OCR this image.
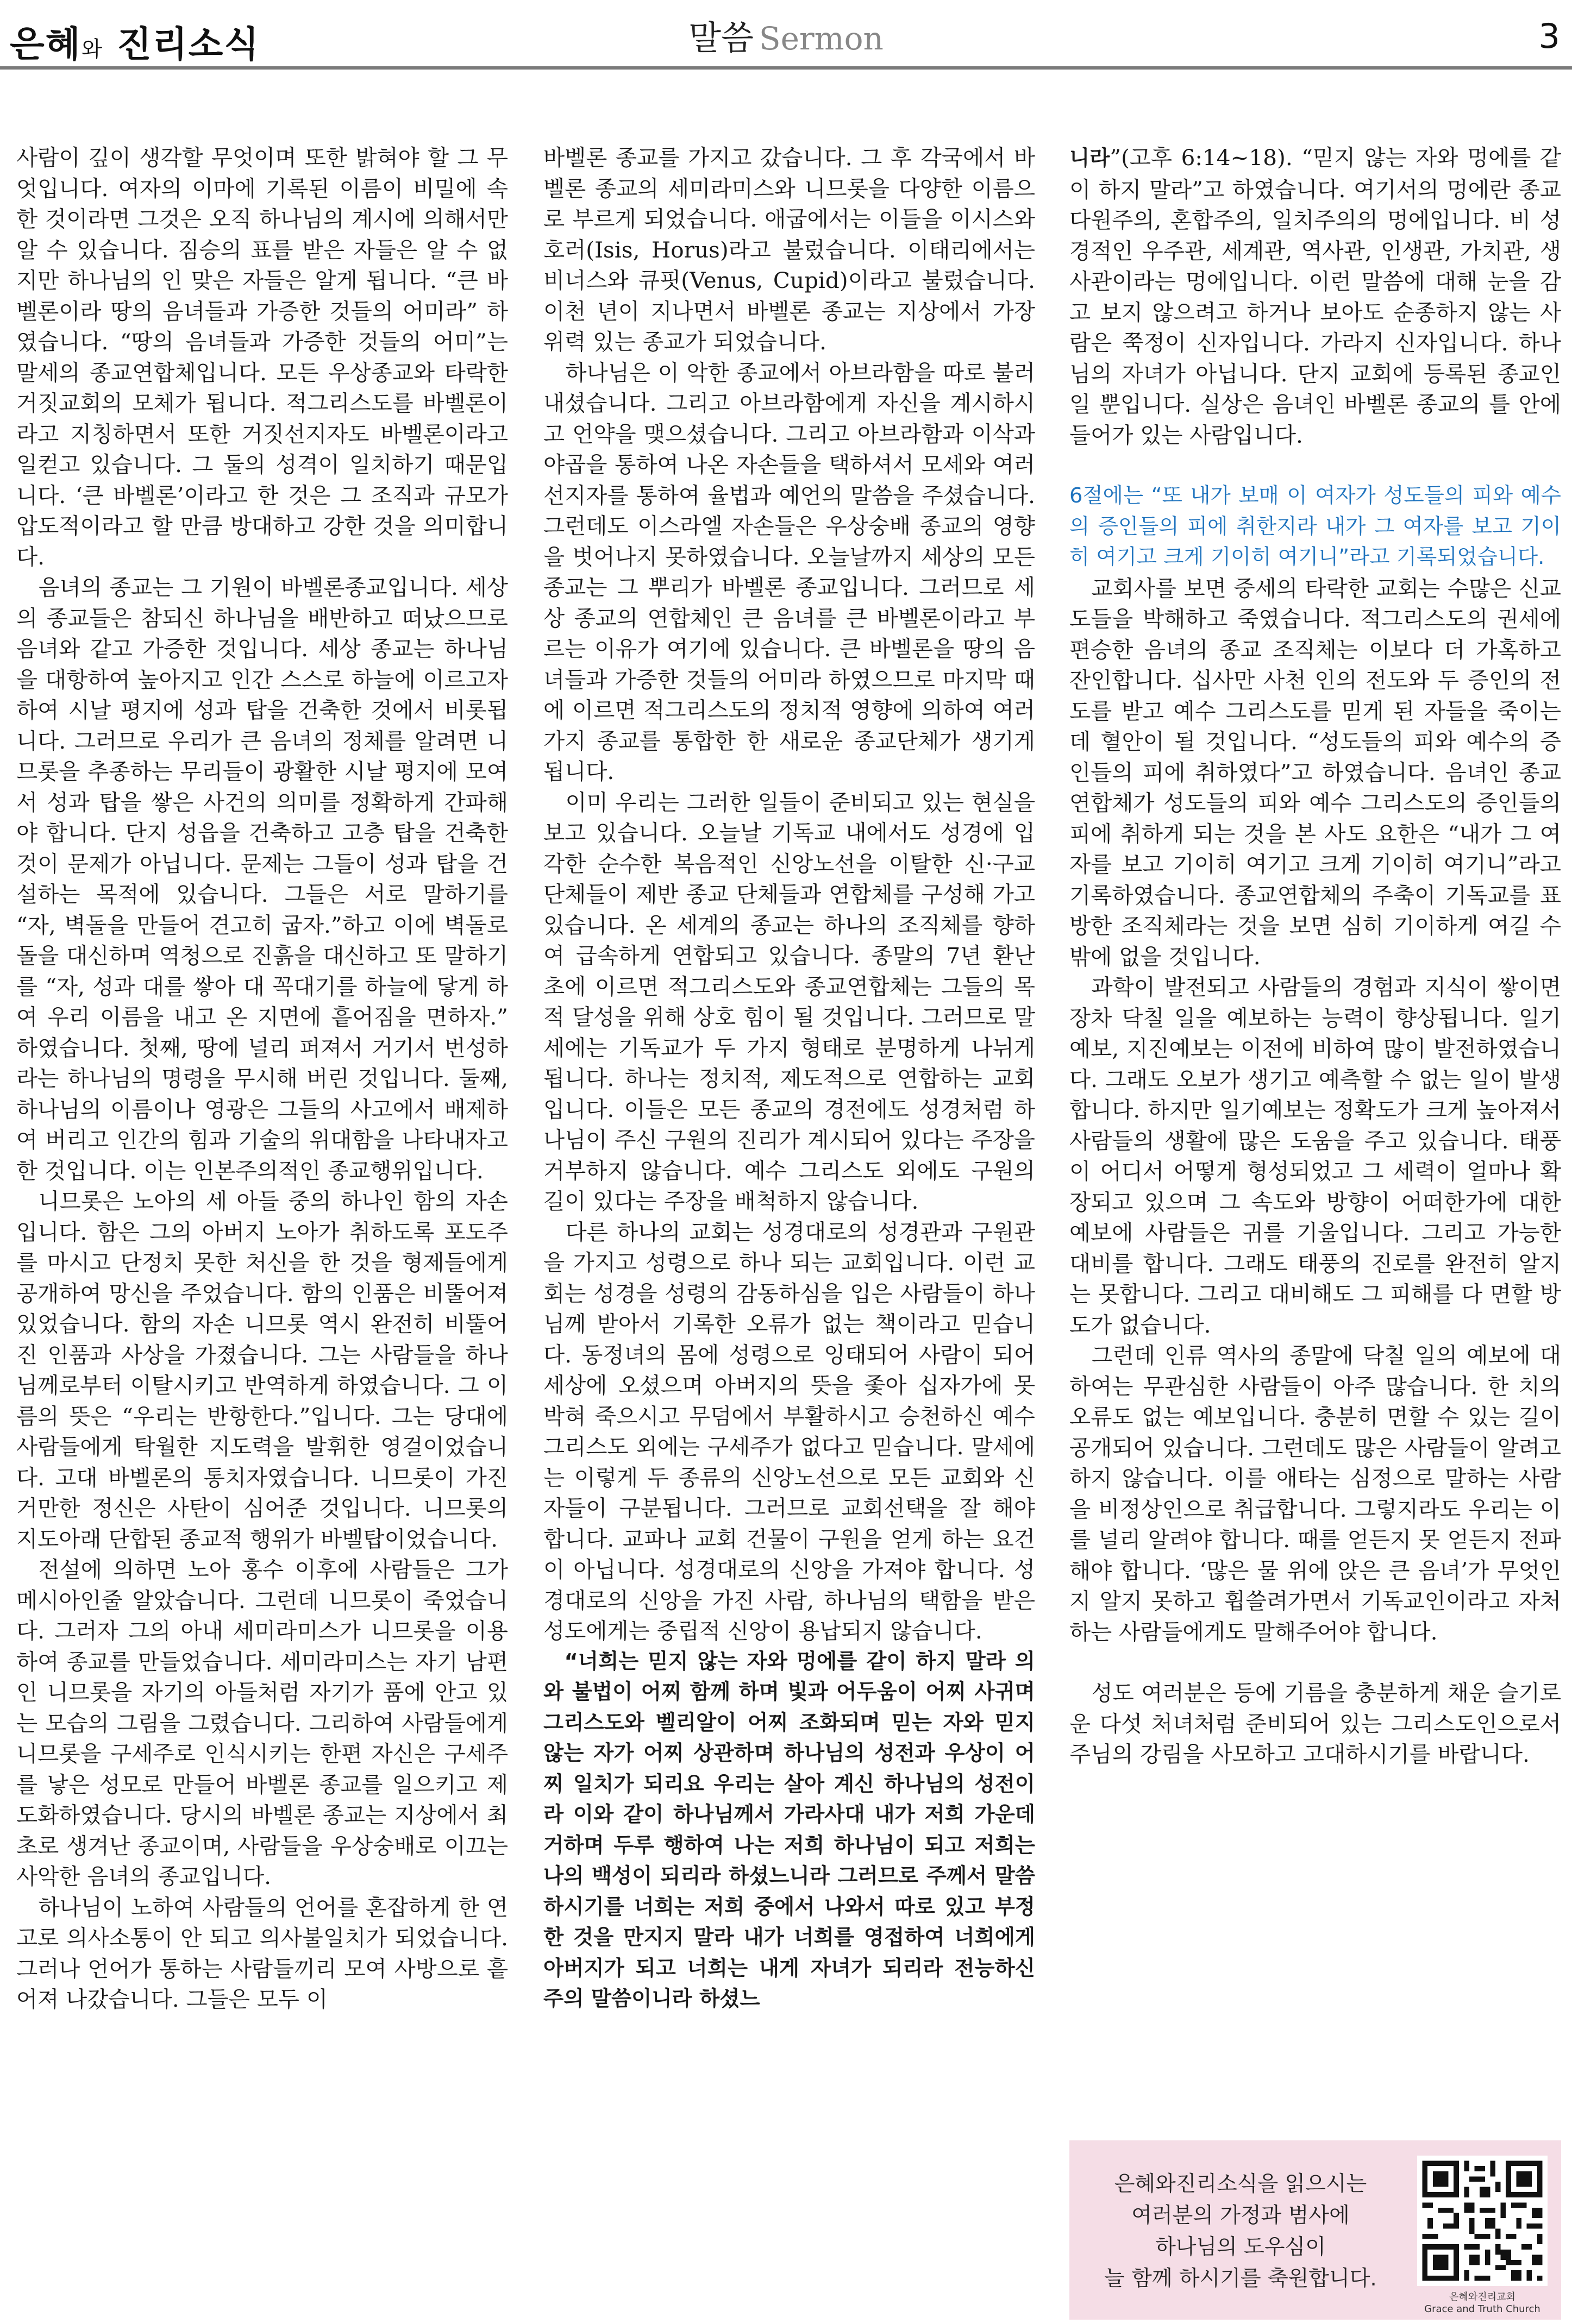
은혜와 진리소식	말씀 Sermon	3

사람이 깊이 생각할 무엇이며 또한 밝혀야 할 그 무엇입니다. 여자의 이마에 기록된 이름이 비밀에 속한 것이라면 그것은 오직 하나님의 계시에 의해서만 알 수 있습니다. 짐승의 표를 받은 자들은 알 수 없지만 하나님의 인 맞은 자들은 알게 됩니다. “큰 바벨론이라 땅의 음녀들과 가증한 것들의 어미라” 하였습니다. “땅의 음녀들과 가증한 것들의 어미”는 말세의 종교연합체입니다. 모든 우상종교와 타락한 거짓교회의 모체가 됩니다. 적그리스도를 바벨론이라고 지칭하면서 또한 거짓선지자도 바벨론이라고 일컫고 있습니다. 그 둘의 성격이 일치하기 때문입니다. ‘큰 바벨론’이라고 한 것은 그 조직과 규모가 압도적이라고 할 만큼 방대하고 강한 것을 의미합니다.

음녀의 종교는 그 기원이 바벨론종교입니다. 세상의 종교들은 참되신 하나님을 배반하고 떠났으므로 음녀와 같고 가증한 것입니다. 세상 종교는 하나님을 대항하여 높아지고 인간 스스로 하늘에 이르고자 하여 시날 평지에 성과 탑을 건축한 것에서 비롯됩니다. 그러므로 우리가 큰 음녀의 정체를 알려면 니므롯을 추종하는 무리들이 광활한 시날 평지에 모여서 성과 탑을 쌓은 사건의 의미를 정확하게 간파해야 합니다. 단지 성읍을 건축하고 고층 탑을 건축한 것이 문제가 아닙니다. 문제는 그들이 성과 탑을 건설하는 목적에 있습니다. 그들은 서로 말하기를 “자, 벽돌을 만들어 견고히 굽자.”하고 이에 벽돌로 돌을 대신하며 역청으로 진흙을 대신하고 또 말하기를 “자, 성과 대를 쌓아 대 꼭대기를 하늘에 닿게 하여 우리 이름을 내고 온 지면에 흩어짐을 면하자.” 하였습니다. 첫째, 땅에 널리 퍼져서 거기서 번성하라는 하나님의 명령을 무시해 버린 것입니다. 둘째, 하나님의 이름이나 영광은 그들의 사고에서 배제하여 버리고 인간의 힘과 기술의 위대함을 나타내자고 한 것입니다. 이는 인본주의적인 종교행위입니다.

니므롯은 노아의 세 아들 중의 하나인 함의 자손입니다. 함은 그의 아버지 노아가 취하도록 포도주를 마시고 단정치 못한 처신을 한 것을 형제들에게 공개하여 망신을 주었습니다. 함의 인품은 비뚤어져 있었습니다. 함의 자손 니므롯 역시 완전히 비뚤어진 인품과 사상을 가졌습니다. 그는 사람들을 하나님께로부터 이탈시키고 반역하게 하였습니다. 그 이름의 뜻은 “우리는 반항한다.”입니다. 그는 당대에 사람들에게 탁월한 지도력을 발휘한 영걸이었습니다. 고대 바벨론의 통치자였습니다. 니므롯이 가진 거만한 정신은 사탄이 심어준 것입니다. 니므롯의 지도아래 단합된 종교적 행위가 바벨탑이었습니다.

전설에 의하면 노아 홍수 이후에 사람들은 그가 메시아인줄 알았습니다. 그런데 니므롯이 죽었습니다. 그러자 그의 아내 세미라미스가 니므롯을 이용하여 종교를 만들었습니다. 세미라미스는 자기 남편인 니므롯을 자기의 아들처럼 자기가 품에 안고 있는 모습의 그림을 그렸습니다. 그리하여 사람들에게 니므롯을 구세주로 인식시키는 한편 자신은 구세주를 낳은 성모로 만들어 바벨론 종교를 일으키고 제도화하였습니다. 당시의 바벨론 종교는 지상에서 최초로 생겨난 종교이며, 사람들을 우상숭배로 이끄는 사악한 음녀의 종교입니다.

하나님이 노하여 사람들의 언어를 혼잡하게 한 연고로 의사소통이 안 되고 의사불일치가 되었습니다. 그러나 언어가 통하는 사람들끼리 모여 사방으로 흩어져 나갔습니다. 그들은 모두 이

바벨론 종교를 가지고 갔습니다. 그 후 각국에서 바벨론 종교의 세미라미스와 니므롯을 다양한 이름으로 부르게 되었습니다. 애굽에서는 이들을 이시스와 호러(Isis, Horus)라고 불렀습니다. 이태리에서는 비너스와 큐핏(Venus, Cupid)이라고 불렀습니다. 이천 년이 지나면서 바벨론 종교는 지상에서 가장 위력 있는 종교가 되었습니다.

하나님은 이 악한 종교에서 아브라함을 따로 불러내셨습니다. 그리고 아브라함에게 자신을 계시하시고 언약을 맺으셨습니다. 그리고 아브라함과 이삭과 야곱을 통하여 나온 자손들을 택하셔서 모세와 여러 선지자를 통하여 율법과 예언의 말씀을 주셨습니다. 그런데도 이스라엘 자손들은 우상숭배 종교의 영향을 벗어나지 못하였습니다. 오늘날까지 세상의 모든 종교는 그 뿌리가 바벨론 종교입니다. 그러므로 세상 종교의 연합체인 큰 음녀를 큰 바벨론이라고 부르는 이유가 여기에 있습니다. 큰 바벨론을 땅의 음녀들과 가증한 것들의 어미라 하였으므로 마지막 때에 이르면 적그리스도의 정치적 영향에 의하여 여러 가지 종교를 통합한 한 새로운 종교단체가 생기게 됩니다.

이미 우리는 그러한 일들이 준비되고 있는 현실을 보고 있습니다. 오늘날 기독교 내에서도 성경에 입각한 순수한 복음적인 신앙노선을 이탈한 신·구교 단체들이 제반 종교 단체들과 연합체를 구성해 가고 있습니다. 온 세계의 종교는 하나의 조직체를 향하여 급속하게 연합되고 있습니다. 종말의 7년 환난 초에 이르면 적그리스도와 종교연합체는 그들의 목적 달성을 위해 상호 힘이 될 것입니다. 그러므로 말세에는 기독교가 두 가지 형태로 분명하게 나뉘게 됩니다. 하나는 정치적, 제도적으로 연합하는 교회입니다. 이들은 모든 종교의 경전에도 성경처럼 하나님이 주신 구원의 진리가 계시되어 있다는 주장을 거부하지 않습니다. 예수 그리스도 외에도 구원의 길이 있다는 주장을 배척하지 않습니다.

다른 하나의 교회는 성경대로의 성경관과 구원관을 가지고 성령으로 하나 되는 교회입니다. 이런 교회는 성경을 성령의 감동하심을 입은 사람들이 하나님께 받아서 기록한 오류가 없는 책이라고 믿습니다. 동정녀의 몸에 성령으로 잉태되어 사람이 되어 세상에 오셨으며 아버지의 뜻을 좇아 십자가에 못 박혀 죽으시고 무덤에서 부활하시고 승천하신 예수 그리스도 외에는 구세주가 없다고 믿습니다. 말세에는 이렇게 두 종류의 신앙노선으로 모든 교회와 신자들이 구분됩니다. 그러므로 교회선택을 잘 해야 합니다. 교파나 교회 건물이 구원을 얻게 하는 요건이 아닙니다. 성경대로의 신앙을 가져야 합니다. 성경대로의 신앙을 가진 사람, 하나님의 택함을 받은 성도에게는 중립적 신앙이 용납되지 않습니다.

“너희는 믿지 않는 자와 멍에를 같이 하지 말라 의와 불법이 어찌 함께 하며 빛과 어두움이 어찌 사귀며 그리스도와 벨리알이 어찌 조화되며 믿는 자와 믿지 않는 자가 어찌 상관하며 하나님의 성전과 우상이 어찌 일치가 되리요 우리는 살아 계신 하나님의 성전이라 이와 같이 하나님께서 가라사대 내가 저희 가운데 거하며 두루 행하여 나는 저희 하나님이 되고 저희는 나의 백성이 되리라 하셨느니라 그러므로 주께서 말씀하시기를 너희는 저희 중에서 나와서 따로 있고 부정한 것을 만지지 말라 내가 너희를 영접하여 너희에게 아버지가 되고 너희는 내게 자녀가 되리라 전능하신 주의 말씀이니라 하셨느

니라”(고후 6:14~18). “믿지 않는 자와 멍에를 같이 하지 말라”고 하였습니다. 여기서의 멍에란 종교다원주의, 혼합주의, 일치주의의 멍에입니다. 비 성경적인 우주관, 세계관, 역사관, 인생관, 가치관, 생사관이라는 멍에입니다. 이런 말씀에 대해 눈을 감고 보지 않으려고 하거나 보아도 순종하지 않는 사람은 쭉정이 신자입니다. 가라지 신자입니다. 하나님의 자녀가 아닙니다. 단지 교회에 등록된 종교인일 뿐입니다. 실상은 음녀인 바벨론 종교의 틀 안에 들어가 있는 사람입니다.

6절에는 “또 내가 보매 이 여자가 성도들의 피와 예수의 증인들의 피에 취한지라 내가 그 여자를 보고 기이히 여기고 크게 기이히 여기니”라고 기록되었습니다.

교회사를 보면 중세의 타락한 교회는 수많은 신교도들을 박해하고 죽였습니다. 적그리스도의 권세에 편승한 음녀의 종교 조직체는 이보다 더 가혹하고 잔인합니다. 십사만 사천 인의 전도와 두 증인의 전도를 받고 예수 그리스도를 믿게 된 자들을 죽이는데 혈안이 될 것입니다. “성도들의 피와 예수의 증인들의 피에 취하였다”고 하였습니다. 음녀인 종교연합체가 성도들의 피와 예수 그리스도의 증인들의 피에 취하게 되는 것을 본 사도 요한은 “내가 그 여자를 보고 기이히 여기고 크게 기이히 여기니”라고 기록하였습니다. 종교연합체의 주축이 기독교를 표방한 조직체라는 것을 보면 심히 기이하게 여길 수밖에 없을 것입니다.

과학이 발전되고 사람들의 경험과 지식이 쌓이면 장차 닥칠 일을 예보하는 능력이 향상됩니다. 일기예보, 지진예보는 이전에 비하여 많이 발전하였습니다. 그래도 오보가 생기고 예측할 수 없는 일이 발생합니다. 하지만 일기예보는 정확도가 크게 높아져서 사람들의 생활에 많은 도움을 주고 있습니다. 태풍이 어디서 어떻게 형성되었고 그 세력이 얼마나 확장되고 있으며 그 속도와 방향이 어떠한가에 대한 예보에 사람들은 귀를 기울입니다. 그리고 가능한 대비를 합니다. 그래도 태풍의 진로를 완전히 알지는 못합니다. 그리고 대비해도 그 피해를 다 면할 방도가 없습니다.

그런데 인류 역사의 종말에 닥칠 일의 예보에 대하여는 무관심한 사람들이 아주 많습니다. 한 치의 오류도 없는 예보입니다. 충분히 면할 수 있는 길이 공개되어 있습니다. 그런데도 많은 사람들이 알려고 하지 않습니다. 이를 애타는 심정으로 말하는 사람을 비정상인으로 취급합니다. 그렇지라도 우리는 이를 널리 알려야 합니다. 때를 얻든지 못 얻든지 전파해야 합니다. ‘많은 물 위에 앉은 큰 음녀’가 무엇인지 알지 못하고 휩쓸려가면서 기독교인이라고 자처하는 사람들에게도 말해주어야 합니다.

성도 여러분은 등에 기름을 충분하게 채운 슬기로운 다섯 처녀처럼 준비되어 있는 그리스도인으로서 주님의 강림을 사모하고 고대하시기를 바랍니다.

은혜와진리소식을 읽으시는
여러분의 가정과 범사에
하나님의 도우심이
늘 함께 하시기를 축원합니다.
은혜와진리교회
Grace and Truth Church
